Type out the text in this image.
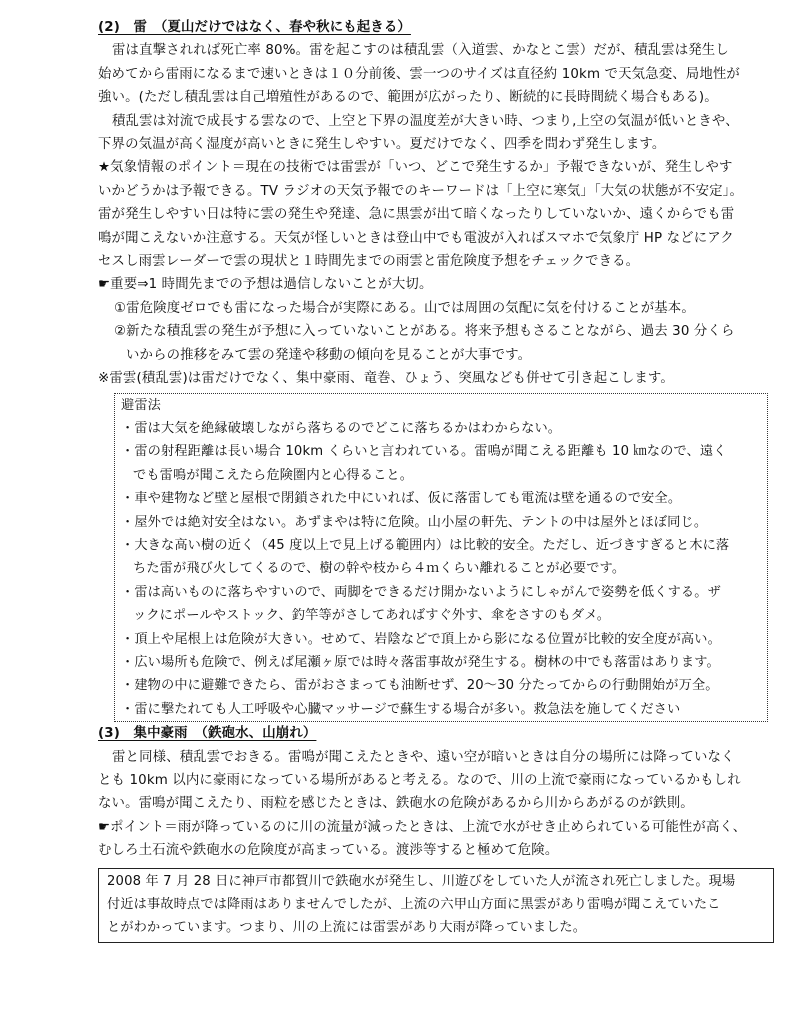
(2)　雷　（夏山だけではなく、春や秋にも起きる）
雷は直撃されれば死亡率 80%。雷を起こすのは積乱雲（入道雲、かなとこ雲）だが、積乱雲は発生し
始めてから雷雨になるまで速いときは１０分前後、雲一つのサイズは直径約 10km で天気急変、局地性が
強い。(ただし積乱雲は自己増殖性があるので、範囲が広がったり、断続的に長時間続く場合もある)。
積乱雲は対流で成長する雲なので、上空と下界の温度差が大きい時、つまり,上空の気温が低いときや、
下界の気温が高く湿度が高いときに発生しやすい。夏だけでなく、四季を問わず発生します。
★気象情報のポイント＝現在の技術では雷雲が「いつ、どこで発生するか」予報できないが、発生しやす
いかどうかは予報できる。TV ラジオの天気予報でのキーワードは「上空に寒気」「大気の状態が不安定」。
雷が発生しやすい日は特に雲の発生や発達、急に黒雲が出て暗くなったりしていないか、遠くからでも雷
鳴が聞こえないか注意する。天気が怪しいときは登山中でも電波が入ればスマホで気象庁 HP などにアク
セスし雨雲レーダーで雲の現状と１時間先までの雨雲と雷危険度予想をチェックできる。
☛重要⇒1 時間先までの予想は過信しないことが大切。
①雷危険度ゼロでも雷になった場合が実際にある。山では周囲の気配に気を付けることが基本。
②新たな積乱雲の発生が予想に入っていないことがある。将来予想もさることながら、過去 30 分くら
いからの推移をみて雲の発達や移動の傾向を見ることが大事です。
※雷雲(積乱雲)は雷だけでなく、集中豪雨、竜巻、ひょう、突風なども併せて引き起こします。
避雷法
・雷は大気を絶縁破壊しながら落ちるのでどこに落ちるかはわからない。
・雷の射程距離は長い場合 10km くらいと言われている。雷鳴が聞こえる距離も 10 ㎞なので、遠く
でも雷鳴が聞こえたら危険圏内と心得ること。
・車や建物など壁と屋根で閉鎖された中にいれば、仮に落雷しても電流は壁を通るので安全。
・屋外では絶対安全はない。あずまやは特に危険。山小屋の軒先、テントの中は屋外とほぼ同じ。
・大きな高い樹の近く（45 度以上で見上げる範囲内）は比較的安全。ただし、近づきすぎると木に落
ちた雷が飛び火してくるので、樹の幹や枝から４ｍくらい離れることが必要です。
・雷は高いものに落ちやすいので、両脚をできるだけ開かないようにしゃがんで姿勢を低くする。ザ
ックにポールやストック、釣竿等がさしてあればすぐ外す、傘をさすのもダメ。
・頂上や尾根上は危険が大きい。せめて、岩陰などで頂上から影になる位置が比較的安全度が高い。
・広い場所も危険で、例えば尾瀬ヶ原では時々落雷事故が発生する。樹林の中でも落雷はあります。
・建物の中に避難できたら、雷がおさまっても油断せず、20〜30 分たってからの行動開始が万全。
・雷に撃たれても人工呼吸や心臓マッサージで蘇生する場合が多い。救急法を施してください
(3)　集中豪雨　（鉄砲水、山崩れ）
雷と同様、積乱雲でおきる。雷鳴が聞こえたときや、遠い空が暗いときは自分の場所には降っていなく
とも 10km 以内に豪雨になっている場所があると考える。なので、川の上流で豪雨になっているかもしれ
ない。雷鳴が聞こえたり、雨粒を感じたときは、鉄砲水の危険があるから川からあがるのが鉄則。
☛ポイント＝雨が降っているのに川の流量が減ったときは、上流で水がせき止められている可能性が高く、
むしろ土石流や鉄砲水の危険度が高まっている。渡渉等すると極めて危険。
2008 年 7 月 28 日に神戸市都賀川で鉄砲水が発生し、川遊びをしていた人が流され死亡しました。現場
付近は事故時点では降雨はありませんでしたが、上流の六甲山方面に黒雲があり雷鳴が聞こえていたこ
とがわかっています。つまり、川の上流には雷雲があり大雨が降っていました。
